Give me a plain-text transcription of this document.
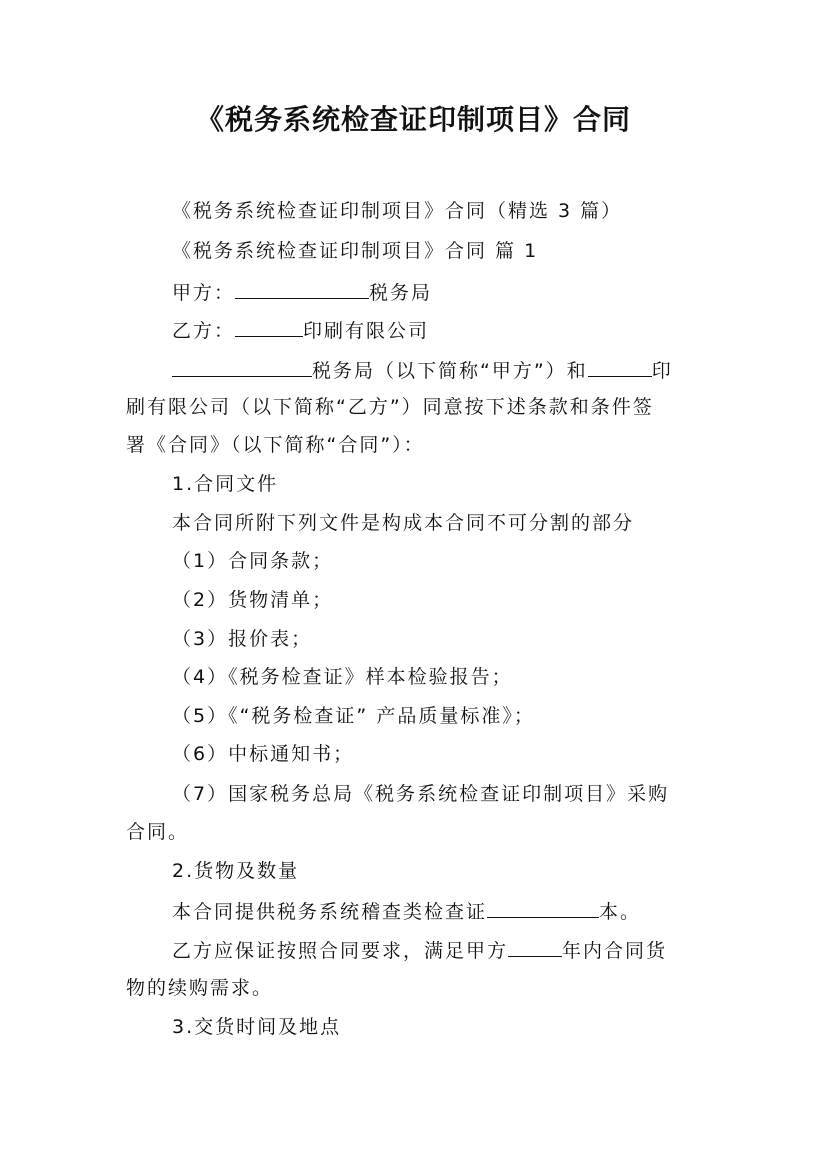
《税务系统检查证印制项目》合同
《税务系统检查证印制项目》合同（精选 3 篇）
《税务系统检查证印制项目》合同 篇 1
甲方：	税务局
乙方：	印刷有限公司
税务局（以下简称“甲方”）和	印
刷有限公司（以下简称“乙方”）同意按下述条款和条件签
署《合同》（以下简称“合同”）：
1.合同文件
本合同所附下列文件是构成本合同不可分割的部分
（1）合同条款；
（2）货物清单；
（3）报价表；
（4）《税务检查证》样本检验报告；
（5）《“税务检查证” 产品质量标准》；
（6）中标通知书；
（7）国家税务总局《税务系统检查证印制项目》采购
合同。
2.货物及数量
本合同提供税务系统稽查类检查证	本。
乙方应保证按照合同要求，满足甲方	年内合同货
物的续购需求。
3.交货时间及地点
